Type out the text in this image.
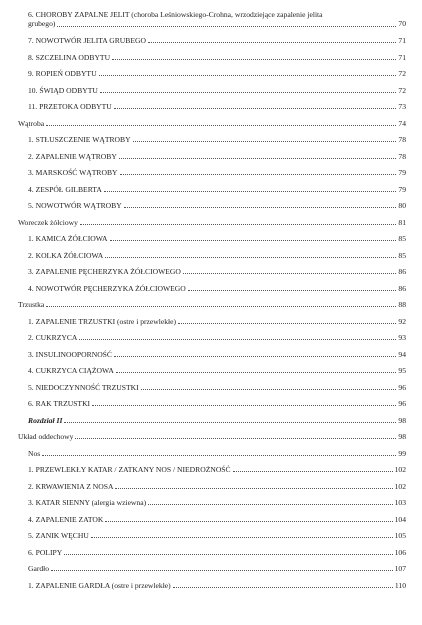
6. CHOROBY ZAPALNE JELIT (choroba Leśniowskiego-Crohna, wrzodziejące zapalenie jelita
grubego)	70
7. NOWOTWÓR JELITA GRUBEGO	71
8. SZCZELINA ODBYTU	71
9. ROPIEŃ ODBYTU	72
10. ŚWIĄD ODBYTU	72
11. PRZETOKA ODBYTU	73
Wątroba	74
1. STŁUSZCZENIE WĄTROBY	78
2. ZAPALENIE WĄTROBY	78
3. MARSKOŚĆ WĄTROBY	79
4. ZESPÓŁ GILBERTA	79
5. NOWOTWÓR WĄTROBY	80
Woreczek żółciowy	81
1. KAMICA ŻÓŁCIOWA	85
2. KOLKA ŻÓŁCIOWA	85
3. ZAPALENIE PĘCHERZYKA ŻÓŁCIOWEGO	86
4. NOWOTWÓR PĘCHERZYKA ŻÓŁCIOWEGO	86
Trzustka	88
1. ZAPALENIE TRZUSTKI (ostre i przewlekłe)	92
2. CUKRZYCA	93
3. INSULINOOPORNOŚĆ	94
4. CUKRZYCA CIĄŻOWA	95
5. NIEDOCZYNNOŚĆ TRZUSTKI	96
6. RAK TRZUSTKI	96
Rozdział II	98
Układ oddechowy	98
Nos	99
1. PRZEWLEKŁY KATAR / ZATKANY NOS / NIEDROŻNOŚĆ	102
2. KRWAWIENIA Z NOSA	102
3. KATAR SIENNY (alergia wziewna)	103
4. ZAPALENIE ZATOK	104
5. ZANIK WĘCHU	105
6. POLIPY	106
Gardło	107
1. ZAPALENIE GARDŁA (ostre i przewlekłe)	110
